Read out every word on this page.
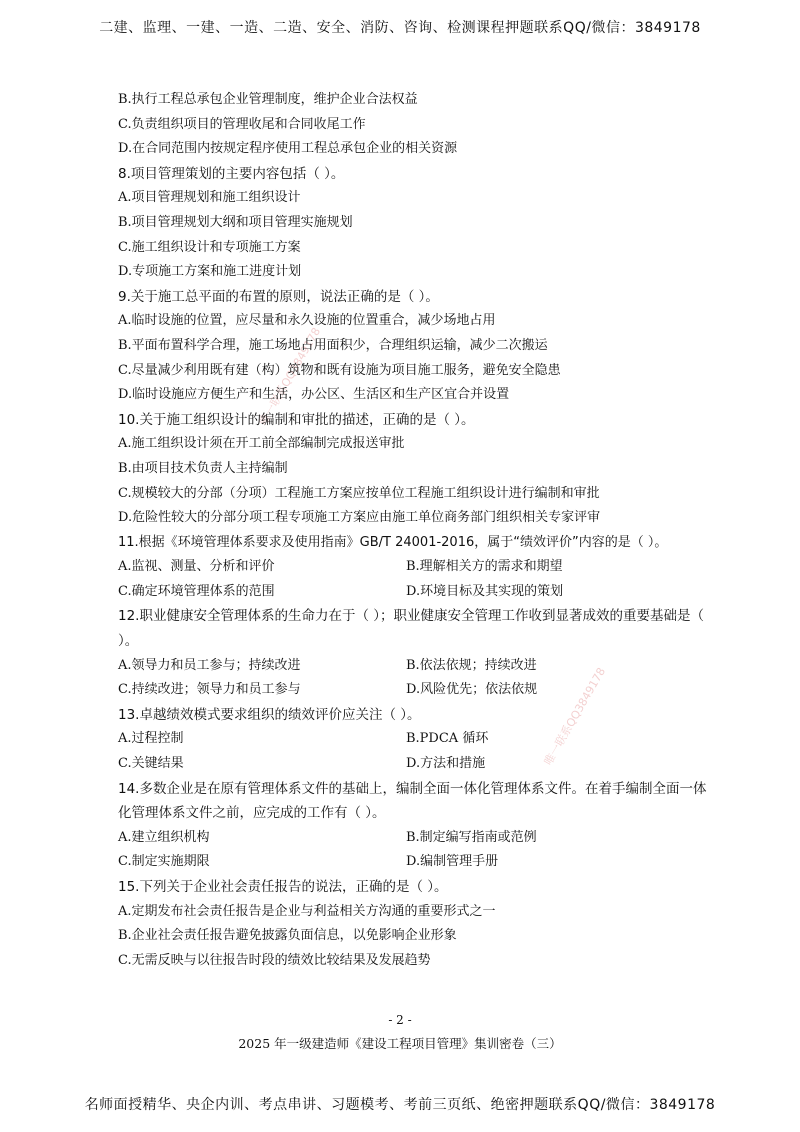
二建、监理、一建、一造、二造、安全、消防、咨询、检测课程押题联系QQ/微信：3849178
唯一联系QQ3849178
唯一联系QQ3849178
B.执行工程总承包企业管理制度，维护企业合法权益
C.负责组织项目的管理收尾和合同收尾工作
D.在合同范围内按规定程序使用工程总承包企业的相关资源
8.项目管理策划的主要内容包括（ ）。
A.项目管理规划和施工组织设计
B.项目管理规划大纲和项目管理实施规划
C.施工组织设计和专项施工方案
D.专项施工方案和施工进度计划
9.关于施工总平面的布置的原则，说法正确的是（ ）。
A.临时设施的位置，应尽量和永久设施的位置重合，减少场地占用
B.平面布置科学合理，施工场地占用面积少，合理组织运输，减少二次搬运
C.尽量减少利用既有建（构）筑物和既有设施为项目施工服务，避免安全隐患
D.临时设施应方便生产和生活，办公区、生活区和生产区宜合并设置
10.关于施工组织设计的编制和审批的描述，正确的是（ ）。
A.施工组织设计须在开工前全部编制完成报送审批
B.由项目技术负责人主持编制
C.规模较大的分部（分项）工程施工方案应按单位工程施工组织设计进行编制和审批
D.危险性较大的分部分项工程专项施工方案应由施工单位商务部门组织相关专家评审
11.根据《环境管理体系要求及使用指南》GB/T 24001-2016，属于“绩效评价”内容的是（ ）。
A.监视、测量、分析和评价	B.理解相关方的需求和期望
C.确定环境管理体系的范围	D.环境目标及其实现的策划
12.职业健康安全管理体系的生命力在于（ ）；职业健康安全管理工作收到显著成效的重要基础是（ ）。
A.领导力和员工参与；持续改进	B.依法依规；持续改进
C.持续改进；领导力和员工参与	D.风险优先；依法依规
13.卓越绩效模式要求组织的绩效评价应关注（ ）。
A.过程控制	B.PDCA 循环
C.关键结果	D.方法和措施
14.多数企业是在原有管理体系文件的基础上，编制全面一体化管理体系文件。在着手编制全面一体化管理体系文件之前，应完成的工作有（ ）。
A.建立组织机构	B.制定编写指南或范例
C.制定实施期限	D.编制管理手册
15.下列关于企业社会责任报告的说法，正确的是（ ）。
A.定期发布社会责任报告是企业与利益相关方沟通的重要形式之一
B.企业社会责任报告避免披露负面信息，以免影响企业形象
C.无需反映与以往报告时段的绩效比较结果及发展趋势
- 2 -
2025 年一级建造师《建设工程项目管理》集训密卷（三）
名师面授精华、央企内训、考点串讲、习题模考、考前三页纸、绝密押题联系QQ/微信：3849178
